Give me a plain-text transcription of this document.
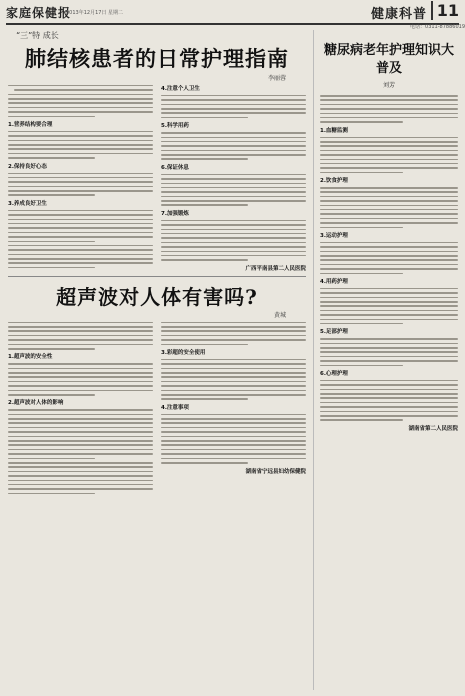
家庭保健报
2013年12月17日 星期二	健康科普 11
电话：0311-87886019
“三”特 成长
肺结核患者的日常护理指南
李丽蓉
1.营养结构要合理
2.保持良好心态
3.养成良好卫生
4.注意个人卫生
5.科学用药
6.保证休息
7.加强锻炼
广西平南县第二人民医院
超声波对人体有害吗?
黄城
1.超声波的安全性
2.超声波对人体的影响
3.彩超的安全使用
4.注意事项
湖南省宁远县妇幼保健院
糖尿病老年护理知识大普及
刘芳
1.血糖监测
2.饮食护理
3.运动护理
4.用药护理
5.足部护理
6.心理护理
湖南省第二人民医院
